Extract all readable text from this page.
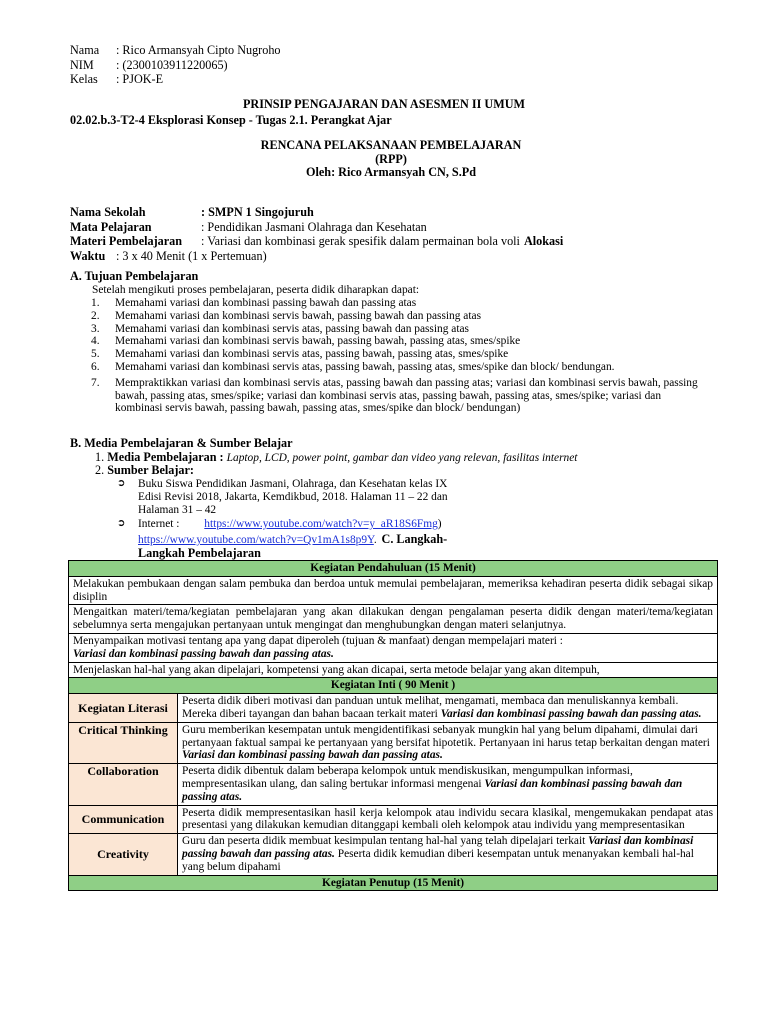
Nama	: Rico Armansyah Cipto Nugroho
NIM	: (2300103911220065)
Kelas	: PJOK-E
PRINSIP PENGAJARAN DAN ASESMEN II UMUM
02.02.b.3-T2-4 Eksplorasi Konsep - Tugas 2.1. Perangkat Ajar
RENCANA PELAKSANAAN PEMBELAJARAN
(RPP)
Oleh: Rico Armansyah CN, S.Pd
Nama Sekolah	: SMPN 1 Singojuruh
Mata Pelajaran	: Pendidikan Jasmani Olahraga dan Kesehatan
Materi Pembelajaran	: Variasi dan kombinasi gerak spesifik dalam permainan bola voli Alokasi
Waktu : 3 x 40 Menit (1 x Pertemuan)
A. Tujuan Pembelajaran
Setelah mengikuti proses pembelajaran, peserta didik diharapkan dapat:
1.	Memahami variasi dan kombinasi passing bawah dan passing atas
2.	Memahami variasi dan kombinasi servis bawah, passing bawah dan passing atas
3.	Memahami variasi dan kombinasi servis atas, passing bawah dan passing atas
4.	Memahami variasi dan kombinasi servis bawah, passing bawah, passing atas, smes/spike
5.	Memahami variasi dan kombinasi servis atas, passing bawah, passing atas, smes/spike
6.	Memahami variasi dan kombinasi servis atas, passing bawah, passing atas, smes/spike dan block/ bendungan.
7.	Mempraktikkan variasi dan kombinasi servis atas, passing bawah dan passing atas; variasi dan kombinasi servis bawah, passing bawah, passing atas, smes/spike; variasi dan kombinasi servis atas, passing bawah, passing atas, smes/spike; variasi dan kombinasi servis bawah, passing bawah, passing atas, smes/spike dan block/ bendungan)
B. Media Pembelajaran & Sumber Belajar
1. Media Pembelajaran : Laptop, LCD, power point, gambar dan video yang relevan, fasilitas internet
2. Sumber Belajar:
➲ Buku Siswa Pendidikan Jasmani, Olahraga, dan Kesehatan kelas IX
Edisi Revisi 2018, Jakarta, Kemdikbud, 2018. Halaman 11 – 22 dan
Halaman 31 – 42
➲ Internet : https://www.youtube.com/watch?v=y_aR18S6Fmg)
https://www.youtube.com/watch?v=Qv1mA1s8p9Y. C. Langkah-
Langkah Pembelajaran
Kegiatan Pendahuluan (15 Menit)	
Melakukan pembukaan dengan salam pembuka dan berdoa untuk memulai pembelajaran, memeriksa kehadiran peserta didik sebagai sikap disiplin	
Mengaitkan materi/tema/kegiatan pembelajaran yang akan dilakukan dengan pengalaman peserta didik dengan materi/tema/kegiatan sebelumnya serta mengajukan pertanyaan untuk mengingat dan menghubungkan dengan materi selanjutnya.	
Menyampaikan motivasi tentang apa yang dapat diperoleh (tujuan & manfaat) dengan mempelajari materi :
Variasi dan kombinasi passing bawah dan passing atas.	
Menjelaskan hal-hal yang akan dipelajari, kompetensi yang akan dicapai, serta metode belajar yang akan ditempuh,	
Kegiatan Inti ( 90 Menit )	
Kegiatan Literasi	Peserta didik diberi motivasi dan panduan untuk melihat, mengamati, membaca dan menuliskannya kembali. Mereka diberi tayangan dan bahan bacaan terkait materi Variasi dan kombinasi passing bawah dan passing atas.
Critical Thinking	Guru memberikan kesempatan untuk mengidentifikasi sebanyak mungkin hal yang belum dipahami, dimulai dari pertanyaan faktual sampai ke pertanyaan yang bersifat hipotetik. Pertanyaan ini harus tetap berkaitan dengan materi Variasi dan kombinasi passing bawah dan passing atas.
Collaboration	Peserta didik dibentuk dalam beberapa kelompok untuk mendiskusikan, mengumpulkan informasi, mempresentasikan ulang, dan saling bertukar informasi mengenai Variasi dan kombinasi passing bawah dan passing atas.
Communication	Peserta didik mempresentasikan hasil kerja kelompok atau individu secara klasikal, mengemukakan pendapat atas presentasi yang dilakukan kemudian ditanggapi kembali oleh kelompok atau individu yang mempresentasikan
Creativity	Guru dan peserta didik membuat kesimpulan tentang hal-hal yang telah dipelajari terkait Variasi dan kombinasi passing bawah dan passing atas. Peserta didik kemudian diberi kesempatan untuk menanyakan kembali hal-hal yang belum dipahami
Kegiatan Penutup (15 Menit)	
